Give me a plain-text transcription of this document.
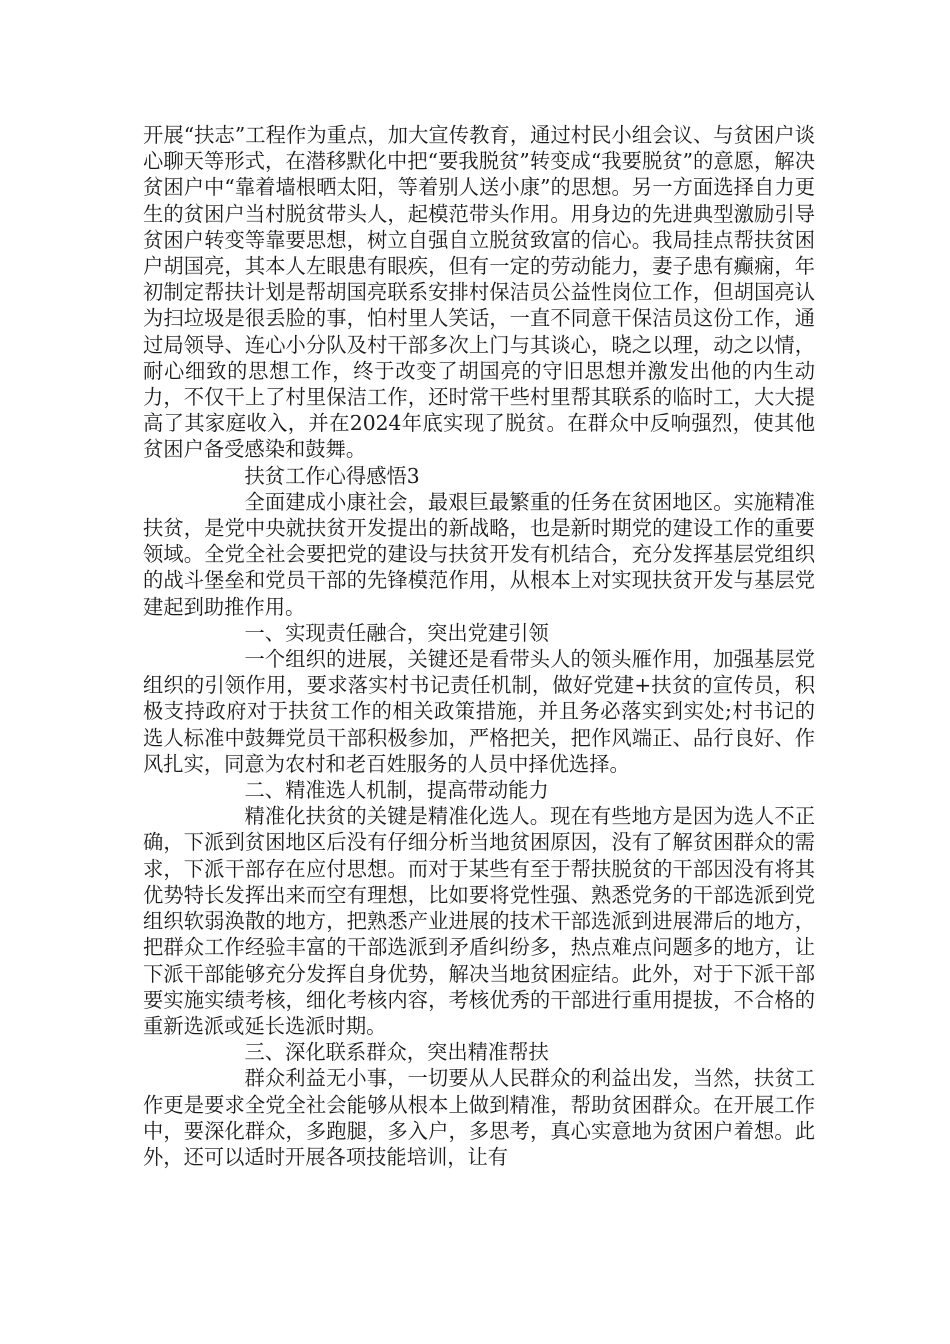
开展“扶志”工程作为重点，加大宣传教育，通过村民小组会议、与贫困户谈心聊天等形式，在潜移默化中把“要我脱贫”转变成“我要脱贫”的意愿，解决贫困户中“靠着墙根晒太阳，等着别人送小康”的思想。另一方面选择自力更生的贫困户当村脱贫带头人，起模范带头作用。用身边的先进典型激励引导贫困户转变等靠要思想，树立自强自立脱贫致富的信心。我局挂点帮扶贫困户胡国亮，其本人左眼患有眼疾，但有一定的劳动能力，妻子患有癫痫，年初制定帮扶计划是帮胡国亮联系安排村保洁员公益性岗位工作，但胡国亮认为扫垃圾是很丢脸的事，怕村里人笑话，一直不同意干保洁员这份工作，通过局领导、连心小分队及村干部多次上门与其谈心，晓之以理，动之以情，耐心细致的思想工作，终于改变了胡国亮的守旧思想并激发出他的内生动力，不仅干上了村里保洁工作，还时常干些村里帮其联系的临时工，大大提高了其家庭收入，并在2024年底实现了脱贫。在群众中反响强烈，使其他贫困户备受感染和鼓舞。

扶贫工作心得感悟3

全面建成小康社会，最艰巨最繁重的任务在贫困地区。实施精准扶贫，是党中央就扶贫开发提出的新战略，也是新时期党的建设工作的重要领域。全党全社会要把党的建设与扶贫开发有机结合，充分发挥基层党组织的战斗堡垒和党员干部的先锋模范作用，从根本上对实现扶贫开发与基层党建起到助推作用。

一、实现责任融合，突出党建引领

一个组织的进展，关键还是看带头人的领头雁作用，加强基层党组织的引领作用，要求落实村书记责任机制，做好党建+扶贫的宣传员，积极支持政府对于扶贫工作的相关政策措施，并且务必落实到实处;村书记的选人标准中鼓舞党员干部积极参加，严格把关，把作风端正、品行良好、作风扎实，同意为农村和老百姓服务的人员中择优选择。

二、精准选人机制，提高带动能力

精准化扶贫的关键是精准化选人。现在有些地方是因为选人不正确，下派到贫困地区后没有仔细分析当地贫困原因，没有了解贫困群众的需求，下派干部存在应付思想。而对于某些有至于帮扶脱贫的干部因没有将其优势特长发挥出来而空有理想，比如要将党性强、熟悉党务的干部选派到党组织软弱涣散的地方，把熟悉产业进展的技术干部选派到进展滞后的地方，把群众工作经验丰富的干部选派到矛盾纠纷多，热点难点问题多的地方，让下派干部能够充分发挥自身优势，解决当地贫困症结。此外，对于下派干部要实施实绩考核，细化考核内容，考核优秀的干部进行重用提拔，不合格的重新选派或延长选派时期。

三、深化联系群众，突出精准帮扶

群众利益无小事，一切要从人民群众的利益出发，当然，扶贫工作更是要求全党全社会能够从根本上做到精准，帮助贫困群众。在开展工作中，要深化群众，多跑腿，多入户，多思考，真心实意地为贫困户着想。此外，还可以适时开展各项技能培训，让有
